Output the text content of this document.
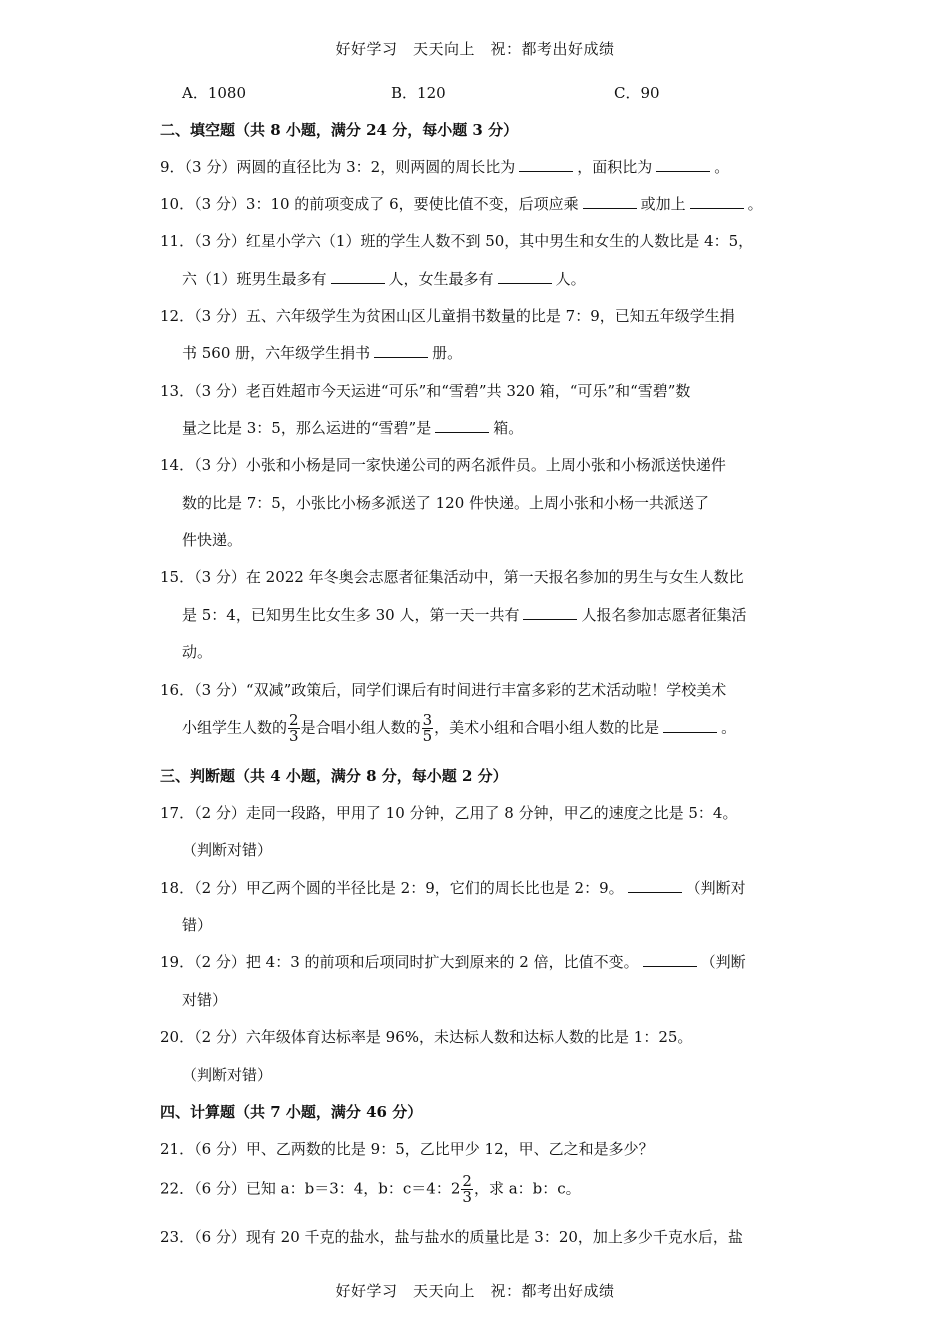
好好学习　天天向上　祝：都考出好成绩
A．1080	B．120	C．90
二、填空题（共 8 小题，满分 24 分，每小题 3 分）
9．（3 分）两圆的直径比为 3：2，则两圆的周长比为	，面积比为	。
10．（3 分）3：10 的前项变成了 6，要使比值不变，后项应乘	或加上	。
11．（3 分）红星小学六（1）班的学生人数不到 50，其中男生和女生的人数比是 4：5，
六（1）班男生最多有	人，女生最多有	人。
12．（3 分）五、六年级学生为贫困山区儿童捐书数量的比是 7：9，已知五年级学生捐
书 560 册，六年级学生捐书	册。
13．（3 分）老百姓超市今天运进“可乐”和“雪碧”共 320 箱，“可乐”和“雪碧”数
量之比是 3：5，那么运进的“雪碧”是	箱。
14．（3 分）小张和小杨是同一家快递公司的两名派件员。上周小张和小杨派送快递件
数的比是 7：5，小张比小杨多派送了 120 件快递。上周小张和小杨一共派送了
件快递。
15．（3 分）在 2022 年冬奥会志愿者征集活动中，第一天报名参加的男生与女生人数比
是 5：4，已知男生比女生多 30 人，第一天一共有	人报名参加志愿者征集活
动。
16．（3 分）“双减”政策后，同学们课后有时间进行丰富多彩的艺术活动啦！学校美术
小组学生人数的 $\frac{2}{3}$ 是合唱小组人数的 $\frac{3}{5}$ ，美术小组和合唱小组人数的比是	。
三、判断题（共 4 小题，满分 8 分，每小题 2 分）
17．（2 分）走同一段路，甲用了 10 分钟，乙用了 8 分钟，甲乙的速度之比是 5：4。
（判断对错）
18．（2 分）甲乙两个圆的半径比是 2：9，它们的周长比也是 2：9。	（判断对
错）
19．（2 分）把 4：3 的前项和后项同时扩大到原来的 2 倍，比值不变。	（判断
对错）
20．（2 分）六年级体育达标率是 96%，未达标人数和达标人数的比是 1：25。
（判断对错）
四、计算题（共 7 小题，满分 46 分）
21．（6 分）甲、乙两数的比是 9：5，乙比甲少 12，甲、乙之和是多少？
22．（6 分）已知 a：b＝3：4，b：c＝4：$2 \frac{2}{3}$ ，求 a：b：c。
23．（6 分）现有 20 千克的盐水，盐与盐水的质量比是 3：20，加上多少千克水后，盐
好好学习　天天向上　祝：都考出好成绩
